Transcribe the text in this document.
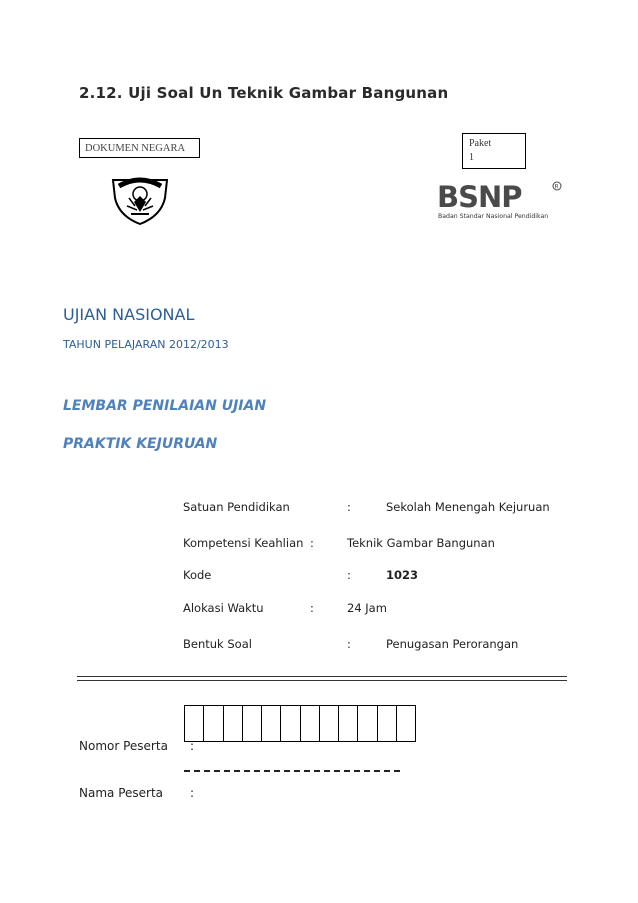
2.12. Uji Soal Un Teknik Gambar Bangunan
DOKUMEN NEGARA	Paket
1
BSNP	R
Badan Standar Nasional Pendidikan
UJIAN NASIONAL
TAHUN PELAJARAN 2012/2013
LEMBAR PENILAIAN UJIAN
PRAKTIK KEJURUAN
Satuan Pendidikan	:	Sekolah Menengah Kejuruan
Kompetensi Keahlian :	Teknik Gambar Bangunan
Kode	:	1023
Alokasi Waktu	:	24 Jam
Bentuk Soal	:	Penugasan Perorangan
Nomor Peserta :
Nama Peserta :
